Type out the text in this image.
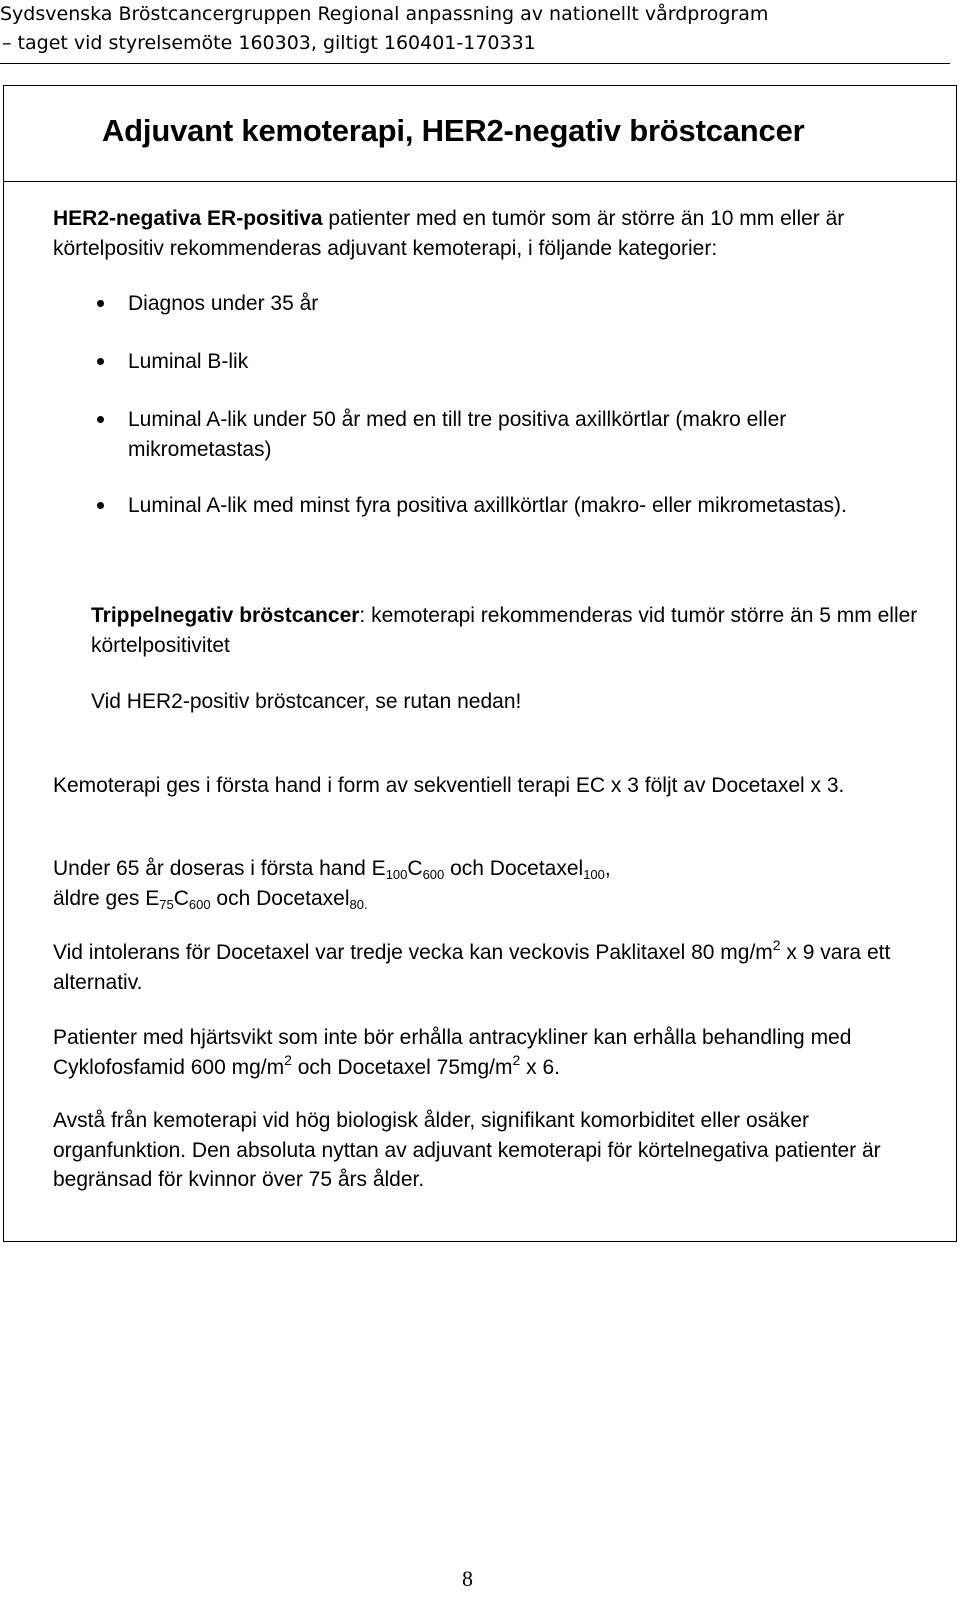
Sydsvenska Bröstcancergruppen Regional anpassning av nationellt vårdprogram
– taget vid styrelsemöte 160303, giltigt 160401-170331
Adjuvant kemoterapi, HER2-negativ bröstcancer
HER2-negativa ER-positiva patienter med en tumör som är större än 10 mm eller är körtelpositiv rekommenderas adjuvant kemoterapi, i följande kategorier:
Diagnos under 35 år
Luminal B-lik
Luminal A-lik under 50 år med en till tre positiva axillkörtlar (makro eller mikrometastas)
Luminal A-lik med minst fyra positiva axillkörtlar (makro- eller mikrometastas).
Trippelnegativ bröstcancer: kemoterapi rekommenderas vid tumör större än 5 mm eller körtelpositivitet
Vid HER2-positiv bröstcancer, se rutan nedan!
Kemoterapi ges i första hand i form av sekventiell terapi EC x 3 följt av Docetaxel x 3.
Under 65 år doseras i första hand $E_{100}C_{600}$ och Docetaxel$_{100}$,
äldre ges $E_{75}C_{600}$ och Docetaxel$_{80.}$
Vid intolerans för Docetaxel var tredje vecka kan veckovis Paklitaxel 80 $mg/m^2$ x 9 vara ett alternativ.
Patienter med hjärtsvikt som inte bör erhålla antracykliner kan erhålla behandling med Cyklofosfamid 600 $mg/m^2$ och Docetaxel $75mg/m^2$ x 6.
Avstå från kemoterapi vid hög biologisk ålder, signifikant komorbiditet eller osäker organfunktion. Den absoluta nyttan av adjuvant kemoterapi för körtelnegativa patienter är begränsad för kvinnor över 75 års ålder.
8
